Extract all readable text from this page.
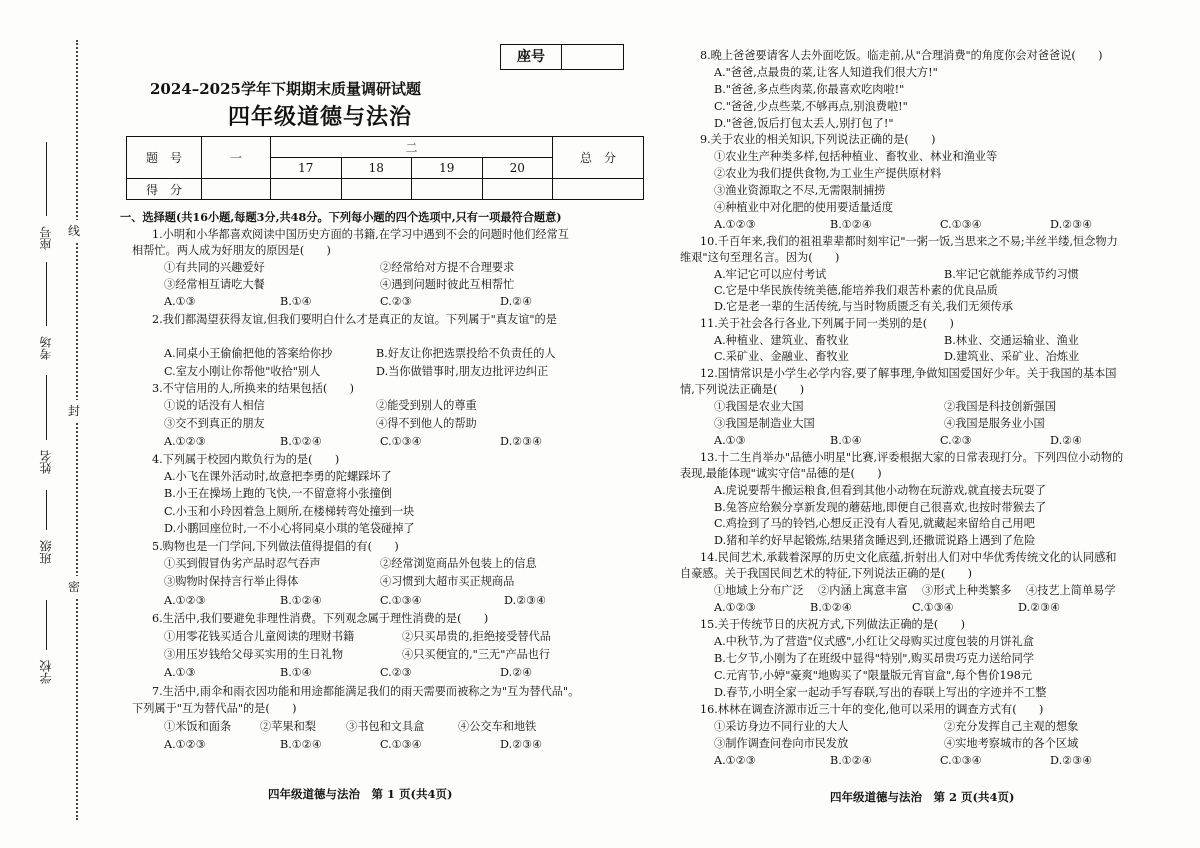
密
封
线
学校
班级
姓名
考场
座号
座号
2024–2025学年下期期末质量调研试题
四年级道德与法治
题　号	一	二				总　分
		17	18	19	20	
得　分						
一、选择题(共16小题,每题3分,共48分。下列每小题的四个选项中,只有一项最符合题意)
1.小明和小华都喜欢阅读中国历史方面的书籍,在学习中遇到不会的问题时他们经常互
相帮忙。两人成为好朋友的原因是(　　)
①有共同的兴趣爱好	②经常给对方提不合理要求
③经常相互请吃大餐	④遇到问题时彼此互相帮忙
A.①③	B.①④	C.②③	D.②④
2.我们都渴望获得友谊,但我们要明白什么才是真正的友谊。下列属于"真友谊"的是
A.同桌小王偷偷把他的答案给你抄	B.好友让你把选票投给不负责任的人
C.室友小刚让你帮他"收拾"别人	D.当你做错事时,朋友边批评边纠正
3.不守信用的人,所换来的结果包括(　　)
①说的话没有人相信	②能受到别人的尊重
③交不到真正的朋友	④得不到他人的帮助
A.①②③	B.①②④	C.①③④	D.②③④
4.下列属于校园内欺负行为的是(　　)
A.小飞在课外活动时,故意把李勇的陀螺踩坏了
B.小王在操场上跑的飞快,一不留意将小张撞倒
C.小玉和小玲因着急上厕所,在楼梯转弯处撞到一块
D.小鹏回座位时,一不小心将同桌小琪的笔袋碰掉了
5.购物也是一门学问,下列做法值得提倡的有(　　)
①买到假冒伪劣产品时忍气吞声	②经常浏览商品外包装上的信息
③购物时保持言行举止得体	④习惯到大超市买正规商品
A.①②③	B.①②④	C.①③④	D.②③④
6.生活中,我们要避免非理性消费。下列观念属于理性消费的是(　　)
①用零花钱买适合儿童阅读的理财书籍	②只买昂贵的,拒绝接受替代品
③用压岁钱给父母买实用的生日礼物	④只买便宜的,"三无"产品也行
A.①③	B.①④	C.②③	D.②④
7.生活中,雨伞和雨衣因功能和用途都能满足我们的雨天需要而被称之为"互为替代品"。
下列属于"互为替代品"的是(　　)
①米饭和面条	②苹果和梨	③书包和文具盒	④公交车和地铁
A.①②③	B.①②④	C.①③④	D.②③④
8.晚上爸爸要请客人去外面吃饭。临走前,从"合理消费"的角度你会对爸爸说(　　)
A."爸爸,点最贵的菜,让客人知道我们很大方!"
B."爸爸,多点些肉菜,你最喜欢吃肉啦!"
C."爸爸,少点些菜,不够再点,别浪费啦!"
D."爸爸,饭后打包太丢人,别打包了!"
9.关于农业的相关知识,下列说法正确的是(　　)
①农业生产种类多样,包括种植业、畜牧业、林业和渔业等
②农业为我们提供食物,为工业生产提供原材料
③渔业资源取之不尽,无需限制捕捞
④种植业中对化肥的使用要适量适度
A.①②③	B.①②④	C.①③④	D.②③④
10.千百年来,我们的祖祖辈辈都时刻牢记"一粥一饭,当思来之不易;半丝半缕,恒念物力
维艰"这句至理名言。因为(　　)
A.牢记它可以应付考试	B.牢记它就能养成节约习惯
C.它是中华民族传统美德,能培养我们艰苦朴素的优良品质
D.它是老一辈的生活传统,与当时物质匮乏有关,我们无须传承
11.关于社会各行各业,下列属于同一类别的是(　　)
A.种植业、建筑业、畜牧业	B.林业、交通运输业、渔业
C.采矿业、金融业、畜牧业	D.建筑业、采矿业、冶炼业
12.国情常识是小学生必学内容,要了解事理,争做知国爱国好少年。关于我国的基本国
情,下列说法正确是(　　)
①我国是农业大国	②我国是科技创新强国
③我国是制造业大国	④我国是服务业小国
A.①③	B.①④	C.②③	D.②④
13.十二生肖举办"品德小明星"比赛,评委根据大家的日常表现打分。下列四位小动物的
表现,最能体现"诚实守信"品德的是(　　)
A.虎说要帮牛搬运粮食,但看到其他小动物在玩游戏,就直接去玩耍了
B.兔答应给猴分享新发现的蘑菇地,即便自己很喜欢,也按时带猴去了
C.鸡捡到了马的铃铛,心想反正没有人看见,就藏起来留给自己用吧
D.猪和羊约好早起锻炼,结果猪贪睡迟到,还撒谎说路上遇到了危险
14.民间艺术,承载着深厚的历史文化底蕴,折射出人们对中华优秀传统文化的认同感和
自豪感。关于我国民间艺术的特征,下列说法正确的是(　　)
①地域上分布广泛 ②内涵上寓意丰富 ③形式上种类繁多 ④技艺上简单易学
A.①②③	B.①②④	C.①③④	D.②③④
15.关于传统节日的庆祝方式,下列做法正确的是(　　)
A.中秋节,为了营造"仪式感",小红让父母购买过度包装的月饼礼盒
B.七夕节,小刚为了在班级中显得"特别",购买昂贵巧克力送给同学
C.元宵节,小婷"豪爽"地购买了"限量版元宵盲盒",每个售价198元
D.春节,小明全家一起动手写春联,写出的春联上写出的字迹并不工整
16.林林在调查济源市近三十年的变化,他可以采用的调查方式有(　　)
①采访身边不同行业的大人	②充分发挥自己主观的想象
③制作调查问卷向市民发放	④实地考察城市的各个区域
A.①②③	B.①②④	C.①③④	D.②③④
四年级道德与法治　第 1 页(共4页)	四年级道德与法治　第 2 页(共4页)
